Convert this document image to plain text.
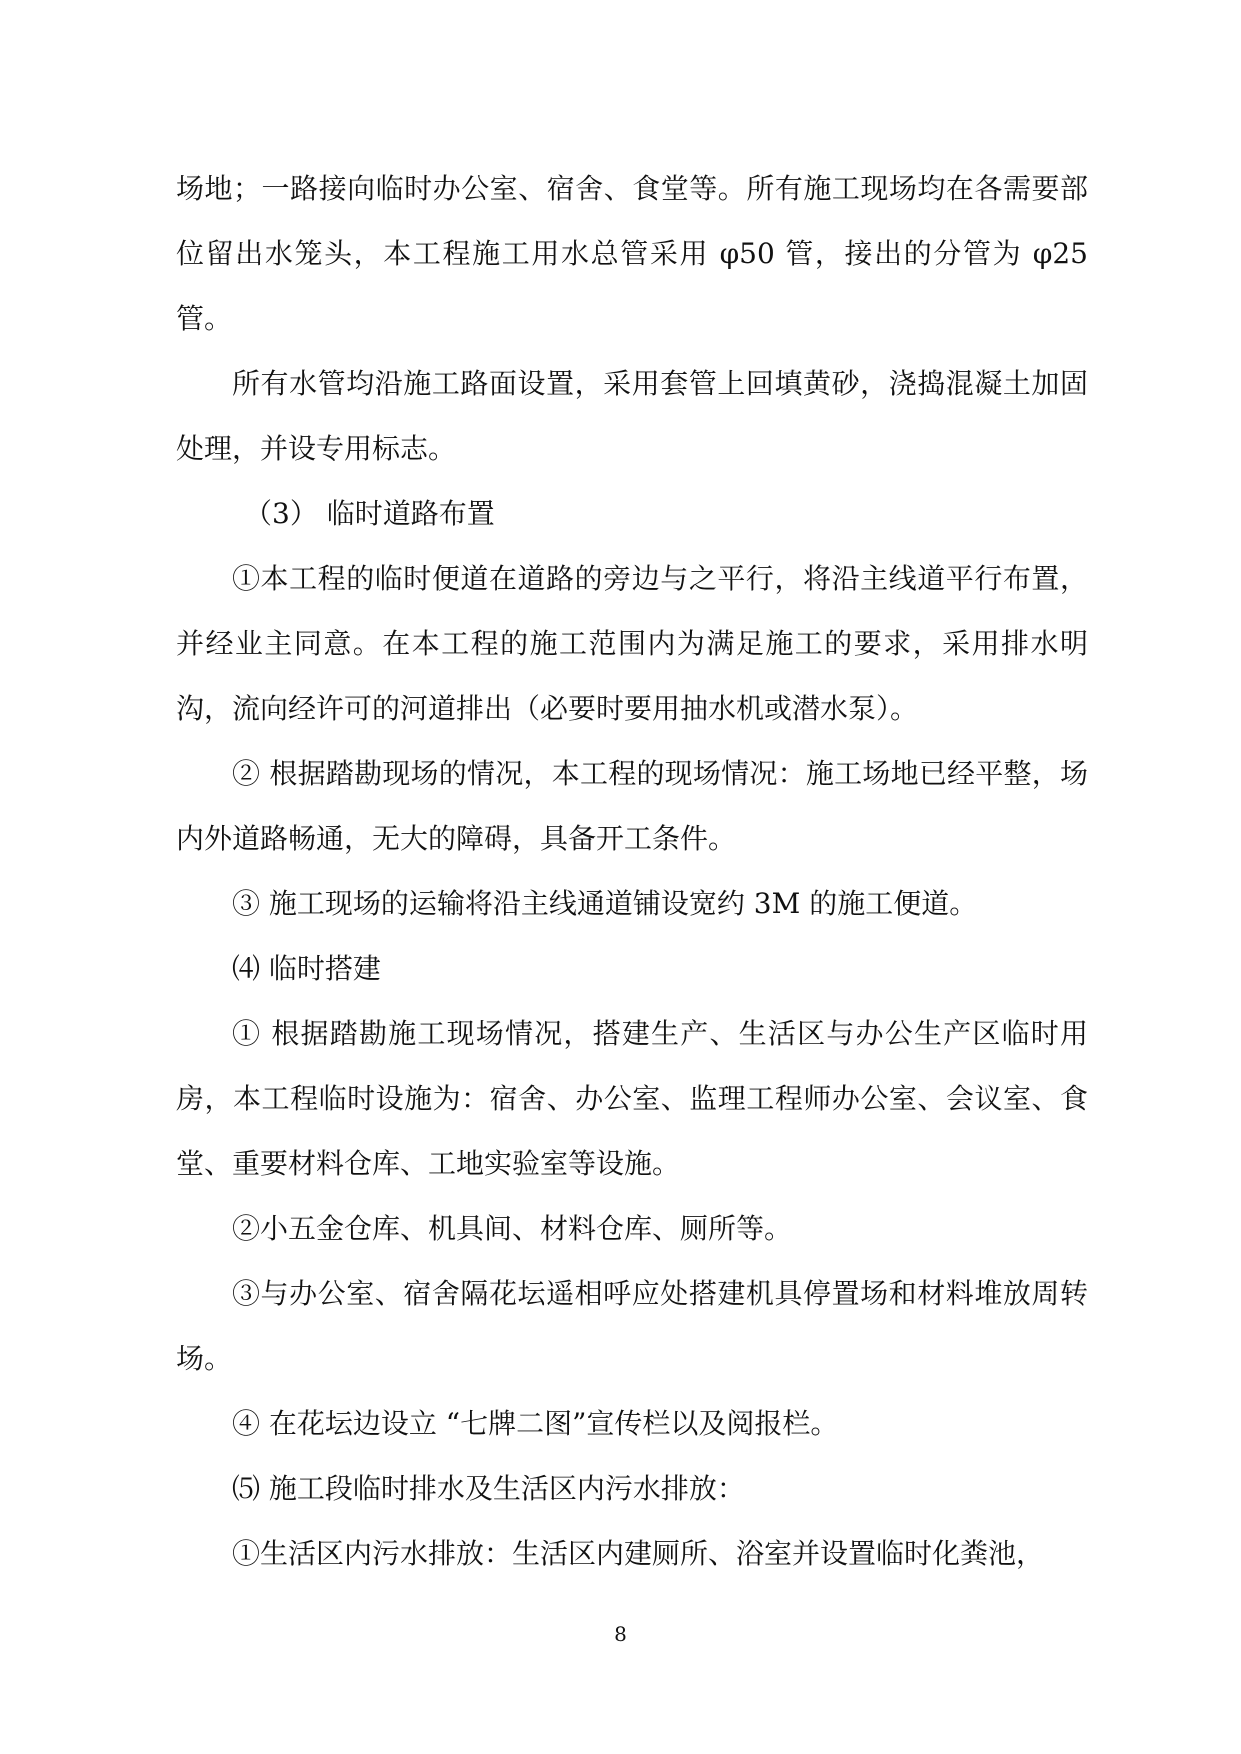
场地；一路接向临时办公室、宿舍、食堂等。所有施工现场均在各需要部位留出水笼头，本工程施工用水总管采用 φ50 管，接出的分管为 φ25 管。

所有水管均沿施工路面设置，采用套管上回填黄砂，浇捣混凝土加固处理，并设专用标志。

（3） 临时道路布置

①本工程的临时便道在道路的旁边与之平行，将沿主线道平行布置，并经业主同意。在本工程的施工范围内为满足施工的要求，采用排水明沟，流向经许可的河道排出（必要时要用抽水机或潜水泵）。

② 根据踏勘现场的情况，本工程的现场情况：施工场地已经平整，场内外道路畅通，无大的障碍，具备开工条件。

③ 施工现场的运输将沿主线通道铺设宽约 3M 的施工便道。

⑷ 临时搭建

① 根据踏勘施工现场情况，搭建生产、生活区与办公生产区临时用房，本工程临时设施为：宿舍、办公室、监理工程师办公室、会议室、食堂、重要材料仓库、工地实验室等设施。

②小五金仓库、机具间、材料仓库、厕所等。

③与办公室、宿舍隔花坛遥相呼应处搭建机具停置场和材料堆放周转场。

④ 在花坛边设立 “七牌二图”宣传栏以及阅报栏。

⑸ 施工段临时排水及生活区内污水排放：

①生活区内污水排放：生活区内建厕所、浴室并设置临时化粪池，

8
